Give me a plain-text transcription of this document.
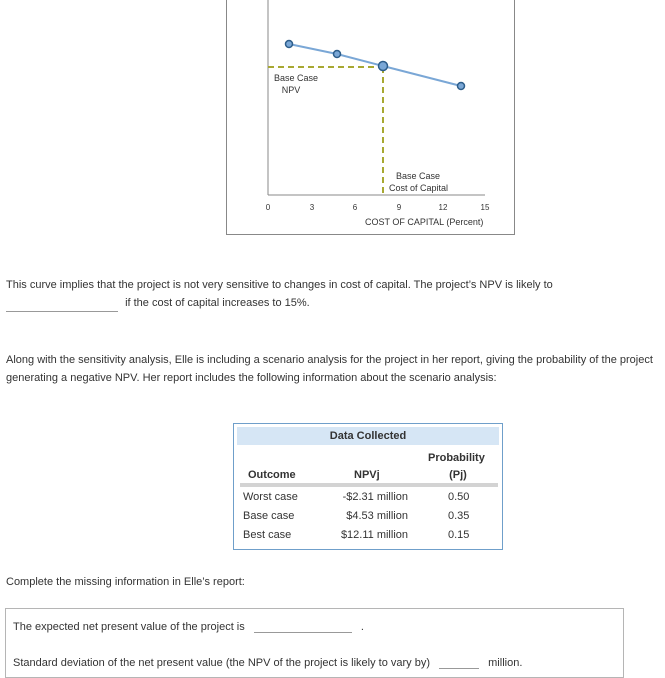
Base Case
NPV
Base Case
Cost of Capital
0	3	6	9	12	15
COST OF CAPITAL (Percent)
This curve implies that the project is not very sensitive to changes in cost of capital. The project’s NPV is likely to
if the cost of capital increases to 15%.
Along with the sensitivity analysis, Elle is including a scenario analysis for the project in her report, giving the probability of the project generating a negative NPV. Her report includes the following information about the scenario analysis:
Data Collected
Probability
(Pj)
Outcome	NPVj
Worst case	-$2.31 million	0.50
Base case	$4.53 million	0.35
Best case	$12.11 million	0.15
Complete the missing information in Elle’s report:
The expected net present value of the project is	.
Standard deviation of the net present value (the NPV of the project is likely to vary by)	million.
